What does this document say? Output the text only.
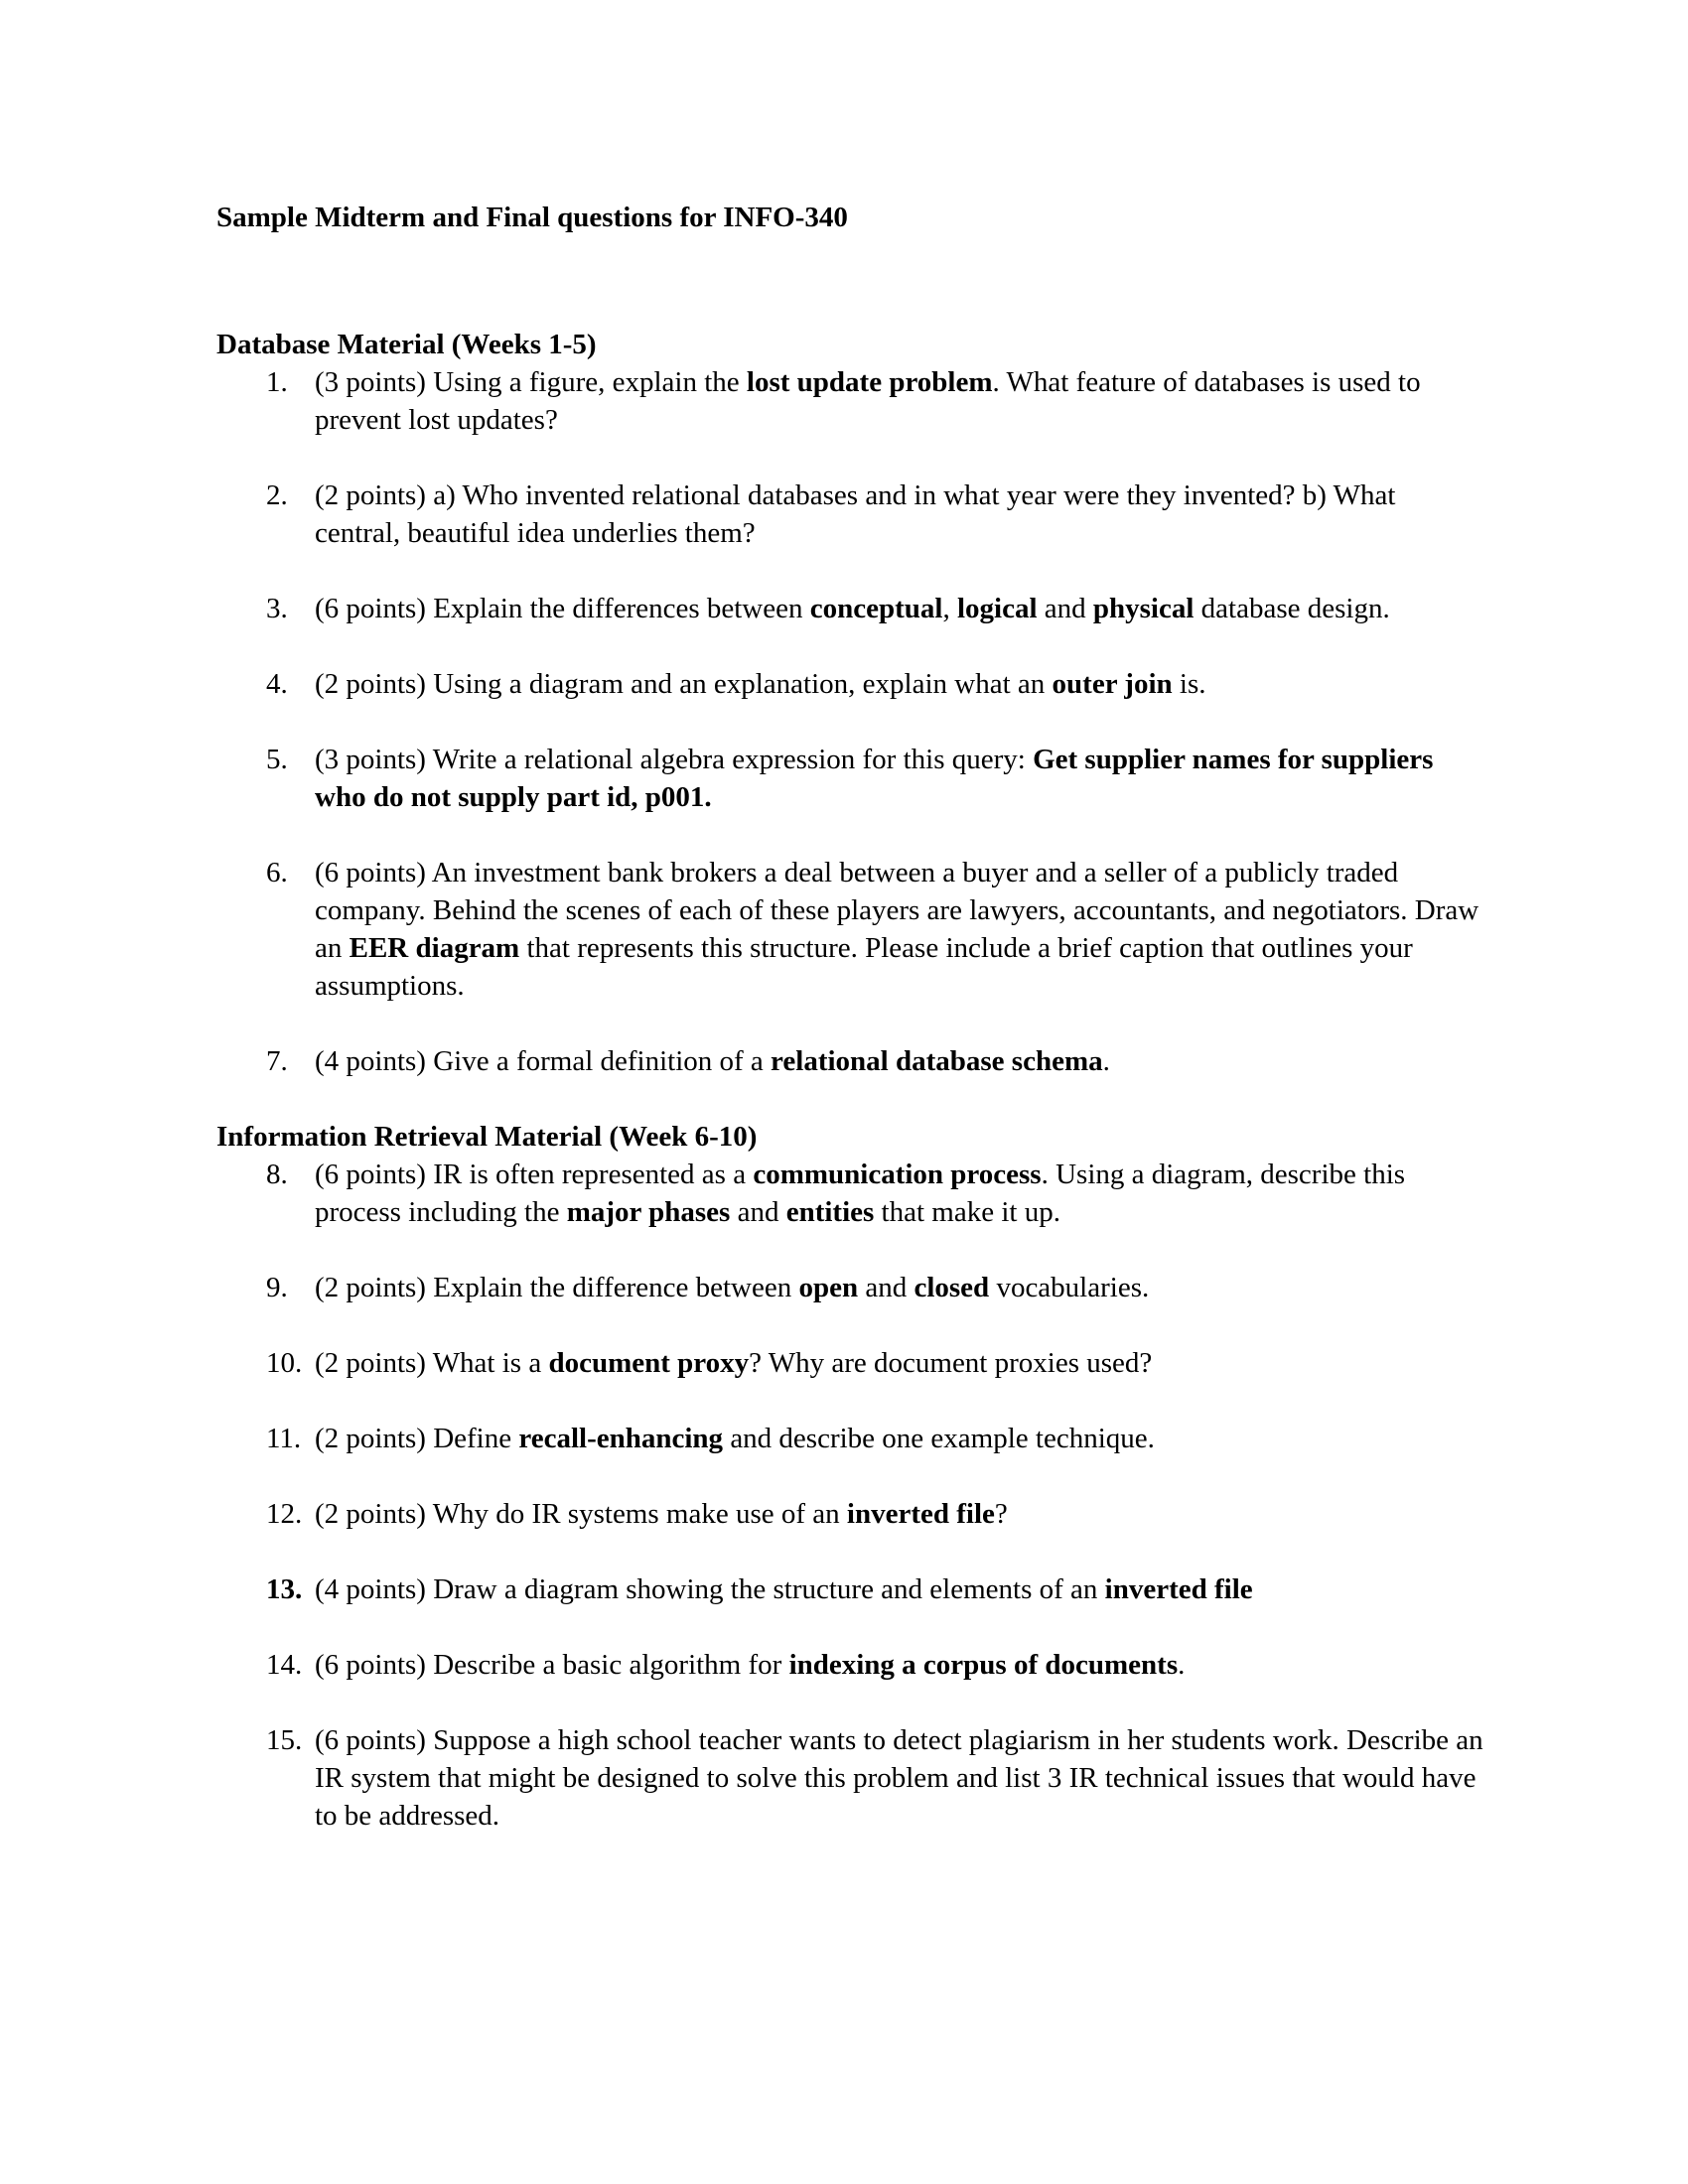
Sample Midterm and Final questions for INFO-340
Database Material (Weeks 1-5)
1. (3 points) Using a figure, explain the lost update problem. What feature of databases is used to prevent lost updates?
2. (2 points) a) Who invented relational databases and in what year were they invented? b) What central, beautiful idea underlies them?
3. (6 points) Explain the differences between conceptual, logical and physical database design.
4. (2 points) Using a diagram and an explanation, explain what an outer join is.
5. (3 points) Write a relational algebra expression for this query: Get supplier names for suppliers who do not supply part id, p001.
6. (6 points) An investment bank brokers a deal between a buyer and a seller of a publicly traded company. Behind the scenes of each of these players are lawyers, accountants, and negotiators. Draw an EER diagram that represents this structure. Please include a brief caption that outlines your assumptions.
7. (4 points) Give a formal definition of a relational database schema.
Information Retrieval Material (Week 6-10)
8. (6 points) IR is often represented as a communication process. Using a diagram, describe this process including the major phases and entities that make it up.
9. (2 points) Explain the difference between open and closed vocabularies.
10. (2 points) What is a document proxy? Why are document proxies used?
11. (2 points) Define recall-enhancing and describe one example technique.
12. (2 points) Why do IR systems make use of an inverted file?
13. (4 points) Draw a diagram showing the structure and elements of an inverted file
14. (6 points) Describe a basic algorithm for indexing a corpus of documents.
15. (6 points) Suppose a high school teacher wants to detect plagiarism in her students work. Describe an IR system that might be designed to solve this problem and list 3 IR technical issues that would have to be addressed.
